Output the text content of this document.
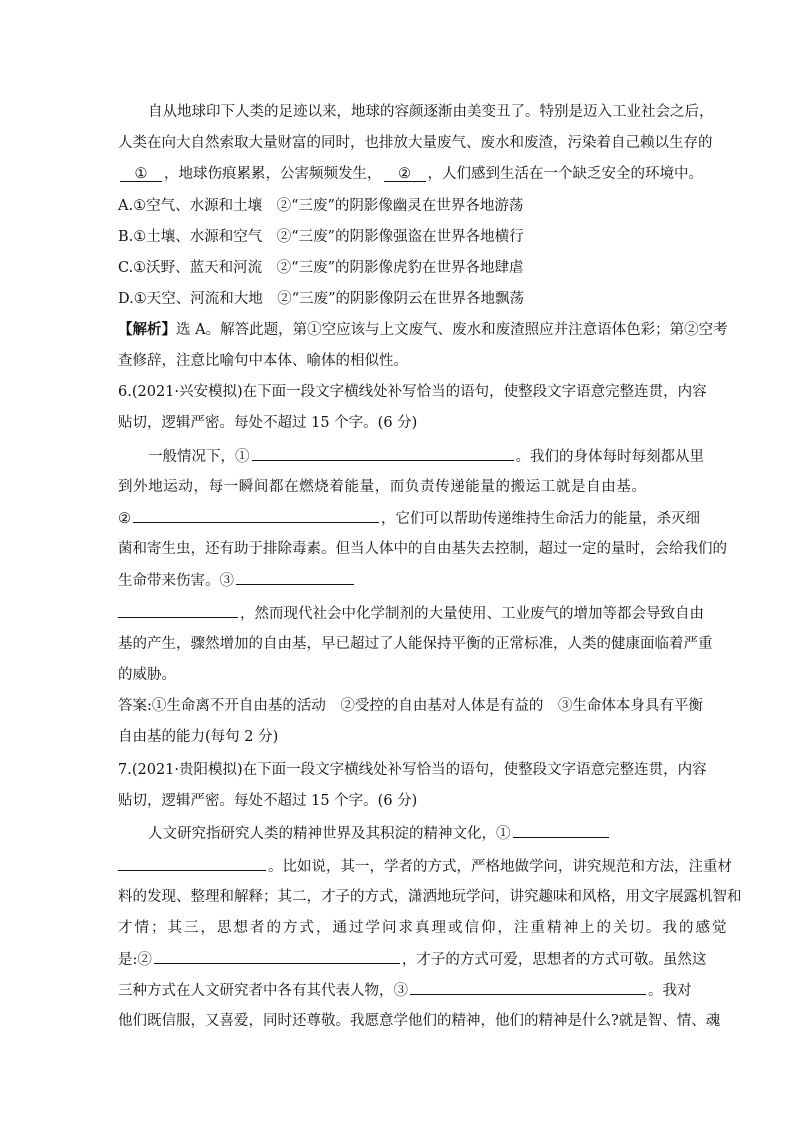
自从地球印下人类的足迹以来，地球的容颜逐渐由美变丑了。特别是迈入工业社会之后，
人类在向大自然索取大量财富的同时，也排放大量废气、废水和废渣，污染着自己赖以生存的
① ，地球伤痕累累，公害频频发生， ② ，人们感到生活在一个缺乏安全的环境中。
A.①空气、水源和土壤　②“三废”的阴影像幽灵在世界各地游荡
B.①土壤、水源和空气　②“三废”的阴影像强盗在世界各地横行
C.①沃野、蓝天和河流　②“三废”的阴影像虎豹在世界各地肆虐
D.①天空、河流和大地　②“三废”的阴影像阴云在世界各地飘荡
【解析】选 A。解答此题，第①空应该与上文废气、废水和废渣照应并注意语体色彩；第②空考
查修辞，注意比喻句中本体、喻体的相似性。
6.(2021·兴安模拟)在下面一段文字横线处补写恰当的语句，使整段文字语意完整连贯，内容
贴切，逻辑严密。每处不超过 15 个字。(6 分)
一般情况下，①	。我们的身体每时每刻都从里
到外地运动，每一瞬间都在燃烧着能量，而负责传递能量的搬运工就是自由基。
②	，它们可以帮助传递维持生命活力的能量，杀灭细
菌和寄生虫，还有助于排除毒素。但当人体中的自由基失去控制，超过一定的量时，会给我们的
生命带来伤害。③
，然而现代社会中化学制剂的大量使用、工业废气的增加等都会导致自由
基的产生，骤然增加的自由基，早已超过了人能保持平衡的正常标准，人类的健康面临着严重
的威胁。
答案:①生命离不开自由基的活动　②受控的自由基对人体是有益的　③生命体本身具有平衡
自由基的能力(每句 2 分)
7.(2021·贵阳模拟)在下面一段文字横线处补写恰当的语句，使整段文字语意完整连贯，内容
贴切，逻辑严密。每处不超过 15 个字。(6 分)
人文研究指研究人类的精神世界及其积淀的精神文化，①
。比如说，其一，学者的方式，严格地做学问，讲究规范和方法，注重材
料的发现、整理和解释；其二，才子的方式，潇洒地玩学问，讲究趣味和风格，用文字展露机智和
才情；其三，思想者的方式，通过学问求真理或信仰，注重精神上的关切。我的感觉
是:②	，才子的方式可爱，思想者的方式可敬。虽然这
三种方式在人文研究者中各有其代表人物，③	。我对
他们既信服，又喜爱，同时还尊敬。我愿意学他们的精神，他们的精神是什么?就是智、情、魂
